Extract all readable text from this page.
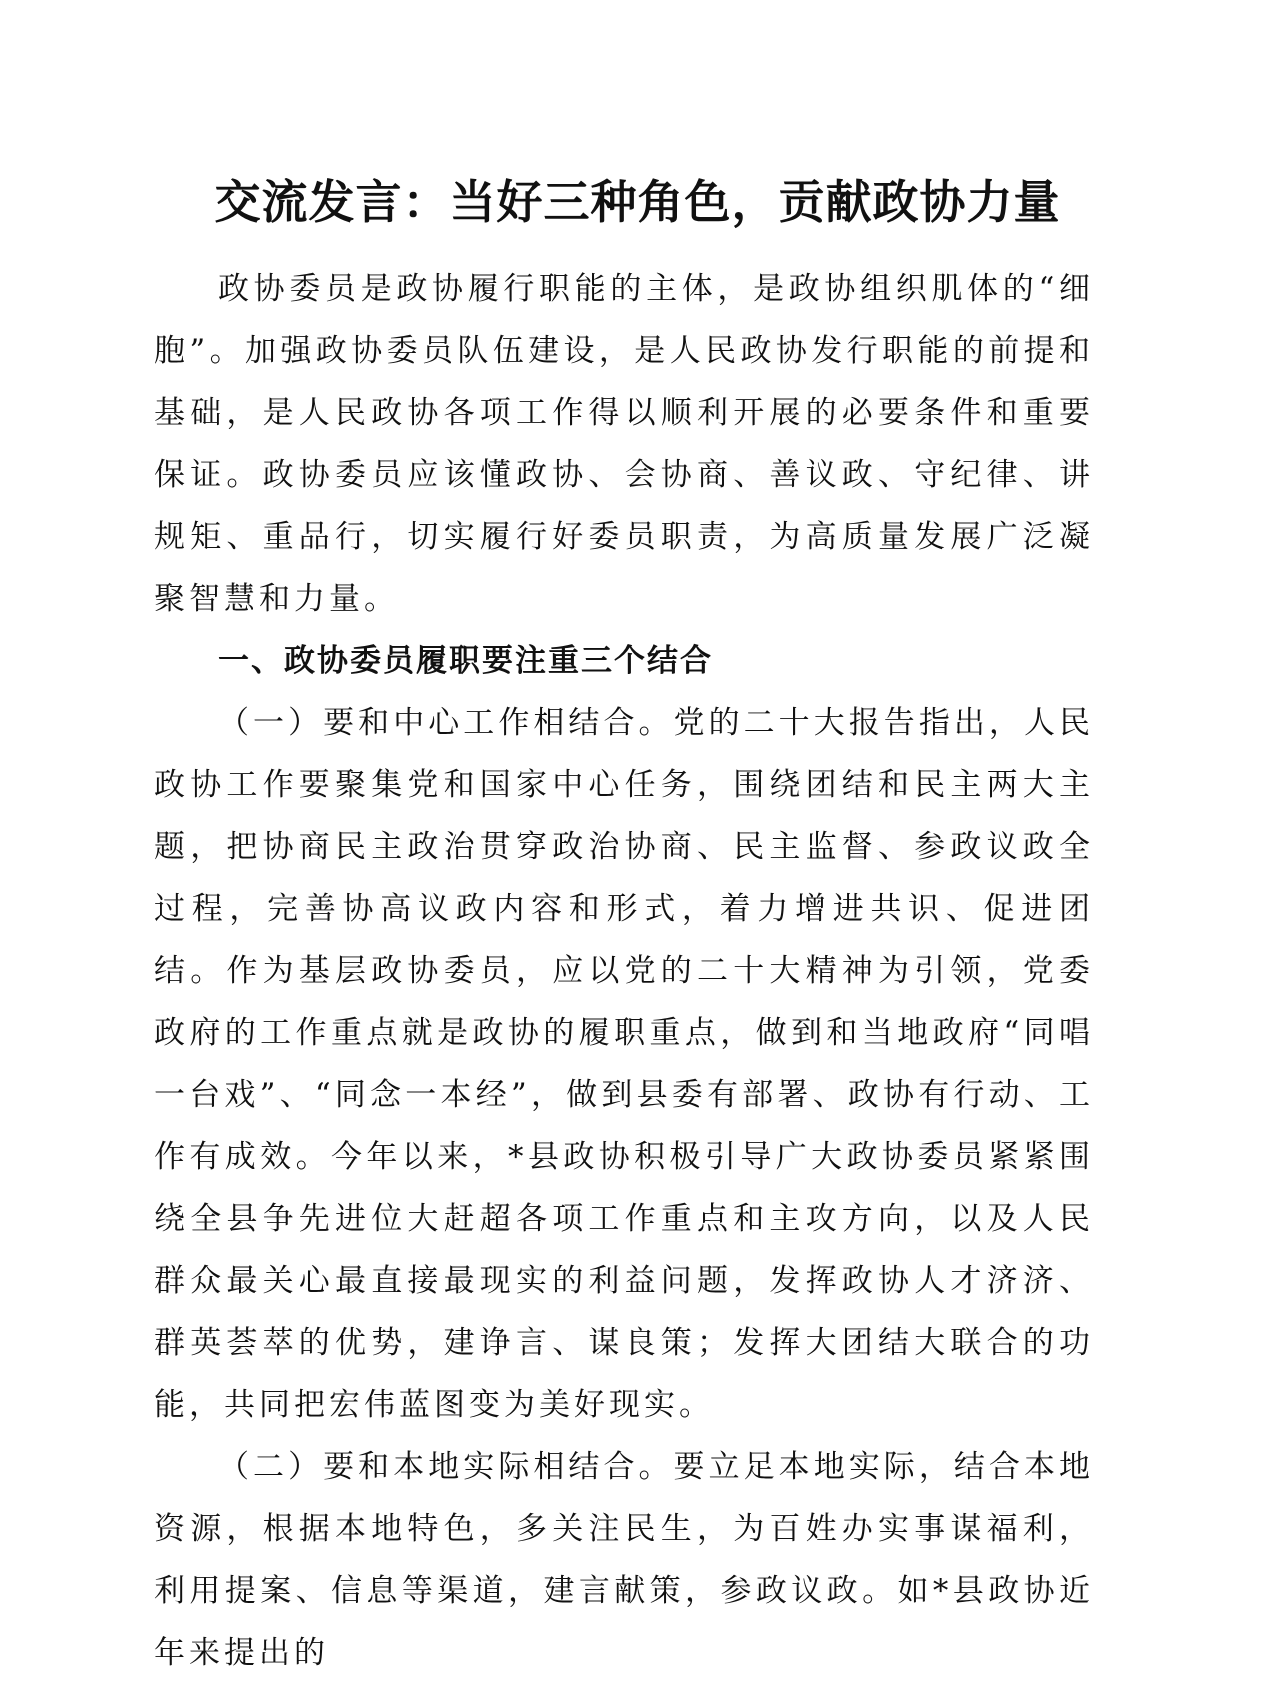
交流发言：当好三种角色，贡献政协力量

政协委员是政协履行职能的主体，是政协组织肌体的“细胞”。加强政协委员队伍建设，是人民政协发行职能的前提和基础，是人民政协各项工作得以顺利开展的必要条件和重要保证。政协委员应该懂政协、会协商、善议政、守纪律、讲规矩、重品行，切实履行好委员职责，为高质量发展广泛凝聚智慧和力量。

一、政协委员履职要注重三个结合

（一）要和中心工作相结合。党的二十大报告指出，人民政协工作要聚集党和国家中心任务，围绕团结和民主两大主题，把协商民主政治贯穿政治协商、民主监督、参政议政全过程，完善协高议政内容和形式，着力增进共识、促进团结。作为基层政协委员，应以党的二十大精神为引领，党委政府的工作重点就是政协的履职重点，做到和当地政府“同唱一台戏”、“同念一本经”，做到县委有部署、政协有行动、工作有成效。今年以来，*县政协积极引导广大政协委员紧紧围绕全县争先进位大赶超各项工作重点和主攻方向，以及人民群众最关心最直接最现实的利益问题，发挥政协人才济济、群英荟萃的优势，建诤言、谋良策；发挥大团结大联合的功能，共同把宏伟蓝图变为美好现实。

（二）要和本地实际相结合。要立足本地实际，结合本地资源，根据本地特色，多关注民生，为百姓办实事谋福利，利用提案、信息等渠道，建言献策，参政议政。如*县政协近年来提出的
